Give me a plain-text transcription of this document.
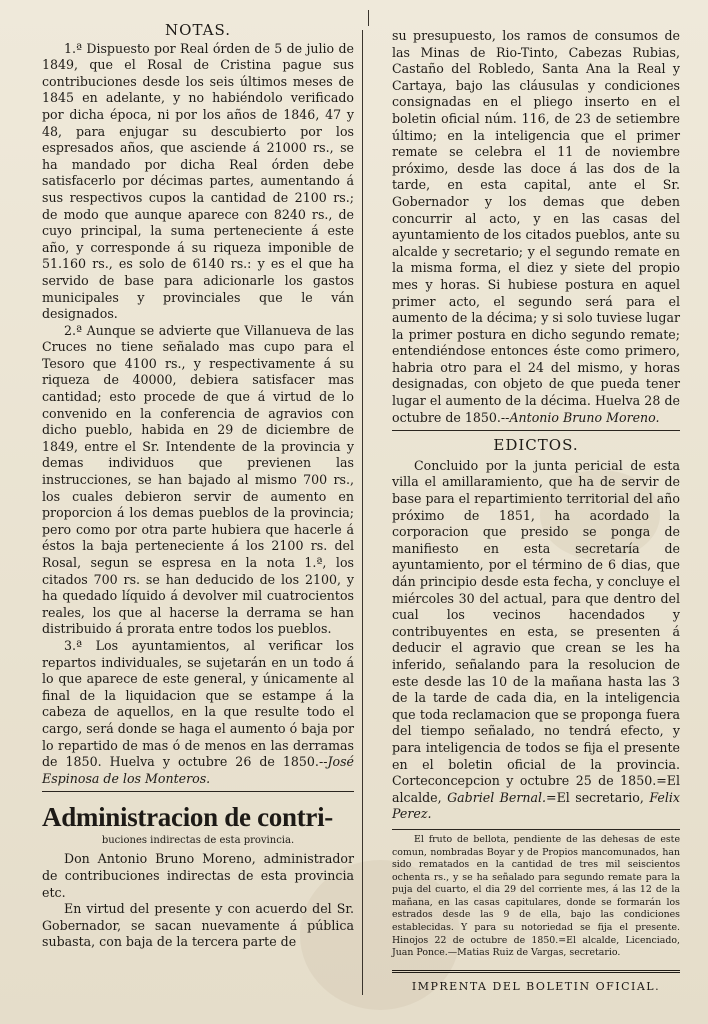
NOTAS.

1.ª Dispuesto por Real órden de 5 de julio de 1849, que el Rosal de Cristina pague sus contribuciones desde los seis últimos meses de 1845 en adelante, y no habiéndolo verificado por dicha época, ni por los años de 1846, 47 y 48, para enjugar su descubierto por los espresados años, que asciende á 21000 rs., se ha mandado por dicha Real órden debe satisfacerlo por décimas partes, aumentando á sus respectivos cupos la cantidad de 2100 rs.; de modo que aunque aparece con 8240 rs., de cuyo principal, la suma perteneciente á este año, y corresponde á su riqueza imponible de 51.160 rs., es solo de 6140 rs.: y es el que ha servido de base para adicionarle los gastos municipales y provinciales que le ván designados.

2.ª Aunque se advierte que Villanueva de las Cruces no tiene señalado mas cupo para el Tesoro que 4100 rs., y respectivamente á su riqueza de 40000, debiera satisfacer mas cantidad; esto procede de que á virtud de lo convenido en la conferencia de agravios con dicho pueblo, habida en 29 de diciembre de 1849, entre el Sr. Intendente de la provincia y demas individuos que previenen las instrucciones, se han bajado al mismo 700 rs., los cuales debieron servir de aumento en proporcion á los demas pueblos de la provincia; pero como por otra parte hubiera que hacerle á éstos la baja perteneciente á los 2100 rs. del Rosal, segun se espresa en la nota 1.ª, los citados 700 rs. se han deducido de los 2100, y ha quedado líquido á devolver mil cuatrocientos reales, los que al hacerse la derrama se han distribuido á prorata entre todos los pueblos.

3.ª Los ayuntamientos, al verificar los repartos individuales, se sujetarán en un todo á lo que aparece de este general, y únicamente al final de la liquidacion que se estampe á la cabeza de aquellos, en la que resulte todo el cargo, será donde se haga el aumento ó baja por lo repartido de mas ó de menos en las derramas de 1850. Huelva y octubre 26 de 1850.--José Espinosa de los Monteros.

Administracion de contri-
buciones indirectas de esta provincia.

Don Antonio Bruno Moreno, administrador de contribuciones indirectas de esta provincia etc.

En virtud del presente y con acuerdo del Sr. Gobernador, se sacan nuevamente á pública subasta, con baja de la tercera parte de

su presupuesto, los ramos de consumos de las Minas de Rio-Tinto, Cabezas Rubias, Castaño del Robledo, Santa Ana la Real y Cartaya, bajo las cláusulas y condiciones consignadas en el pliego inserto en el boletin oficial núm. 116, de 23 de setiembre último; en la inteligencia que el primer remate se celebra el 11 de noviembre próximo, desde las doce á las dos de la tarde, en esta capital, ante el Sr. Gobernador y los demas que deben concurrir al acto, y en las casas del ayuntamiento de los citados pueblos, ante su alcalde y secretario; y el segundo remate en la misma forma, el diez y siete del propio mes y horas. Si hubiese postura en aquel primer acto, el segundo será para el aumento de la décima; y si solo tuviese lugar la primer postura en dicho segundo remate; entendiéndose entonces éste como primero, habria otro para el 24 del mismo, y horas designadas, con objeto de que pueda tener lugar el aumento de la décima. Huelva 28 de octubre de 1850.--Antonio Bruno Moreno.

EDICTOS.

Concluido por la junta pericial de esta villa el amillaramiento, que ha de servir de base para el repartimiento territorial del año próximo de 1851, ha acordado la corporacion que presido se ponga de manifiesto en esta secretaría de ayuntamiento, por el término de 6 dias, que dán principio desde esta fecha, y concluye el miércoles 30 del actual, para que dentro del cual los vecinos hacendados y contribuyentes en esta, se presenten á deducir el agravio que crean se les ha inferido, señalando para la resolucion de este desde las 10 de la mañana hasta las 3 de la tarde de cada dia, en la inteligencia que toda reclamacion que se proponga fuera del tiempo señalado, no tendrá efecto, y para inteligencia de todos se fija el presente en el boletin oficial de la provincia. Corteconcepcion y octubre 25 de 1850.=El alcalde, Gabriel Bernal.=El secretario, Felix Perez.

El fruto de bellota, pendiente de las dehesas de este comun, nombradas Boyar y de Propios mancomunados, han sido rematados en la cantidad de tres mil seiscientos ochenta rs., y se ha señalado para segundo remate para la puja del cuarto, el dia 29 del corriente mes, á las 12 de la mañana, en las casas capitulares, donde se formarán los estrados desde las 9 de ella, bajo las condiciones establecidas. Y para su notoriedad se fija el presente. Hinojos 22 de octubre de 1850.=El alcalde, Licenciado, Juan Ponce.—Matias Ruiz de Vargas, secretario.

IMPRENTA DEL BOLETIN OFICIAL.
